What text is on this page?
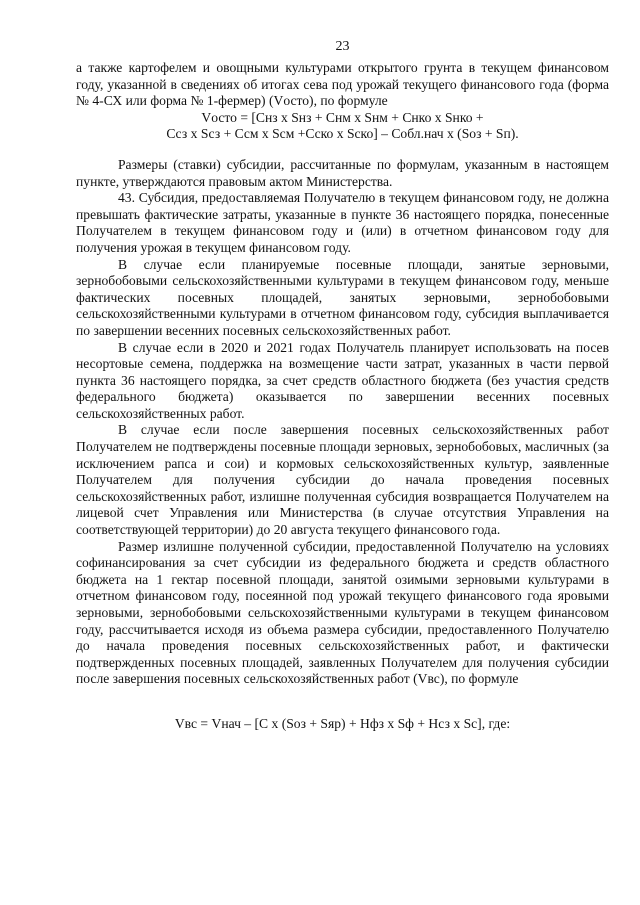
23

а также картофелем и овощными культурами открытого грунта в текущем финансовом году, указанной в сведениях об итогах сева под урожай текущего финансового года (форма № 4-СХ или форма № 1-фермер) (Vосто), по формуле

Vосто = [Снз x Sнз + Снм x Sнм + Снко x Sнко +

Ссз x Sсз + Ссм x Sсм +Сско x Sско] – Собл.нач x (Sоз + Sп).

Размеры (ставки) субсидии, рассчитанные по формулам, указанным в настоящем пункте, утверждаются правовым актом Министерства.

43. Субсидия, предоставляемая Получателю в текущем финансовом году, не должна превышать фактические затраты, указанные в пункте 36 настоящего порядка, понесенные Получателем в текущем финансовом году и (или) в отчетном финансовом году для получения урожая в текущем финансовом году.

В случае если планируемые посевные площади, занятые зерновыми, зернобобовыми сельскохозяйственными культурами в текущем финансовом году, меньше фактических посевных площадей, занятых зерновыми, зернобобовыми сельскохозяйственными культурами в отчетном финансовом году, субсидия выплачивается по завершении весенних посевных сельскохозяйственных работ.

В случае если в 2020 и 2021 годах Получатель планирует использовать на посев несортовые семена, поддержка на возмещение части затрат, указанных в части первой пункта 36 настоящего порядка, за счет средств областного бюджета (без участия средств федерального бюджета) оказывается по завершении весенних посевных сельскохозяйственных работ.

В случае если после завершения посевных сельскохозяйственных работ Получателем не подтверждены посевные площади зерновых, зернобобовых, масличных (за исключением рапса и сои) и кормовых сельскохозяйственных культур, заявленные Получателем для получения субсидии до начала проведения посевных сельскохозяйственных работ, излишне полученная субсидия возвращается Получателем на лицевой счет Управления или Министерства (в случае отсутствия Управления на соответствующей территории) до 20 августа текущего финансового года.

Размер излишне полученной субсидии, предоставленной Получателю на условиях софинансирования за счет субсидии из федерального бюджета и средств областного бюджета на 1 гектар посевной площади, занятой озимыми зерновыми культурами в отчетном финансовом году, посеянной под урожай текущего финансового года яровыми зерновыми, зернобобовыми сельскохозяйственными культурами в текущем финансовом году, рассчитывается исходя из объема размера субсидии, предоставленного Получателю до начала проведения посевных сельскохозяйственных работ, и фактически подтвержденных посевных площадей, заявленных Получателем для получения субсидии после завершения посевных сельскохозяйственных работ (Vвс), по формуле

Vвс = Vнач – [С x (Sоз + Sяр) + Hфз x Sф + Hсз x Sс], где:
